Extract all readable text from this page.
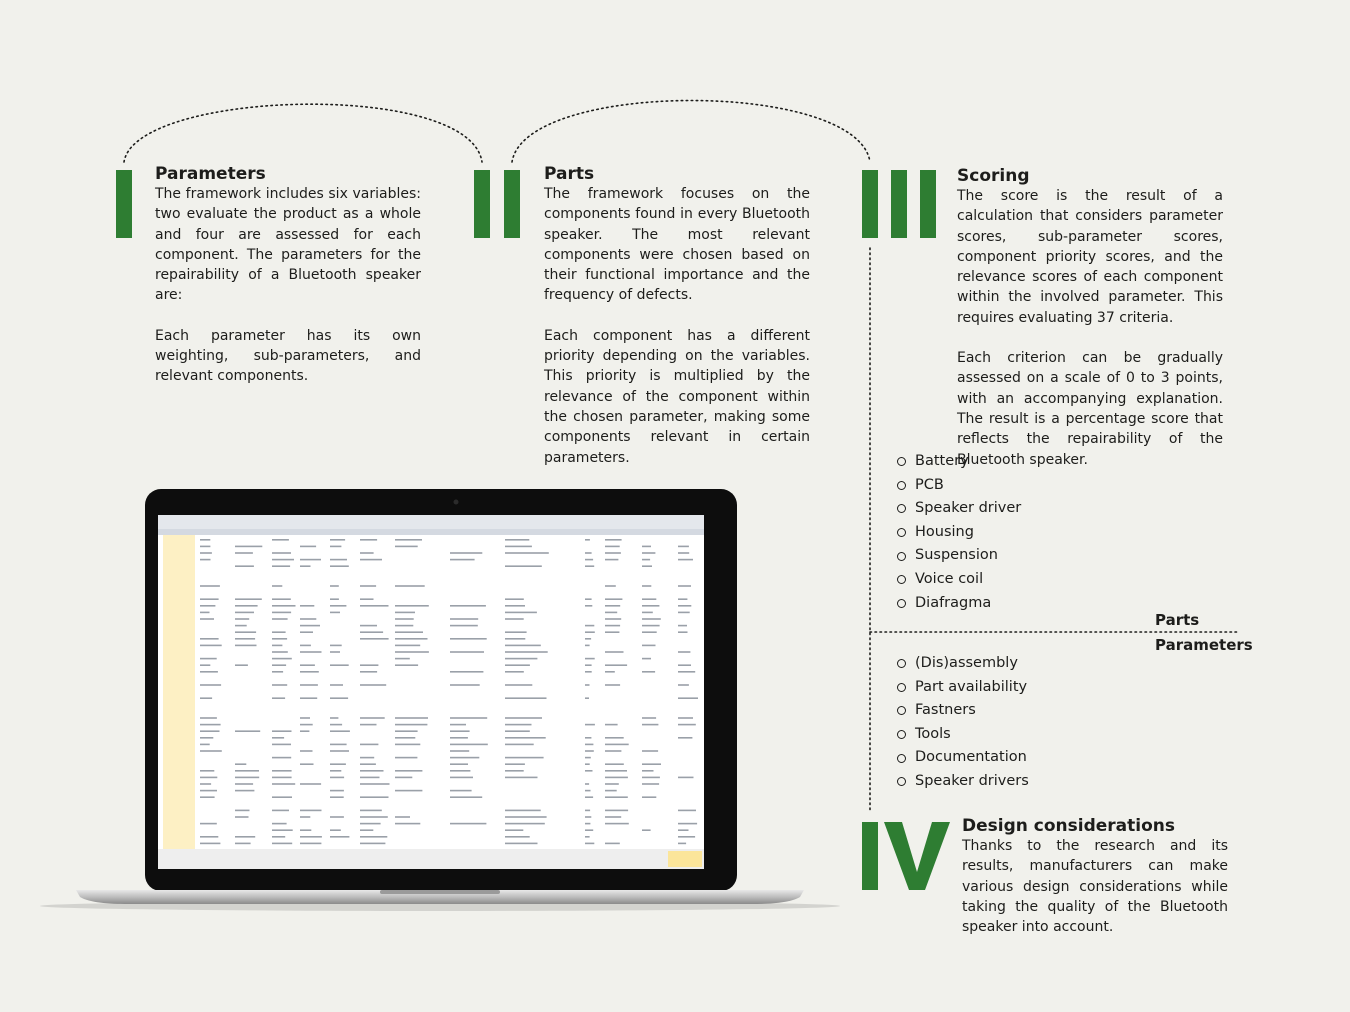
Parameters

The framework includes six variables: two evaluate the product as a whole and four are assessed for each component. The parameters for the repairability of a Bluetooth speaker are:

Each parameter has its own weighting, sub-parameters, and relevant components.

Parts

The framework focuses on the components found in every Bluetooth speaker. The most relevant components were chosen based on their functional importance and the frequency of defects.

Each component has a different priority depending on the variables. This priority is multiplied by the relevance of the component within the chosen parameter, making some components relevant in certain parameters.

Scoring

The score is the result of a calculation that considers parameter scores, sub-parameter scores, component priority scores, and the relevance scores of each component within the involved parameter. This requires evaluating 37 criteria.

Each criterion can be gradually assessed on a scale of 0 to 3 points, with an accompanying explanation. The result is a percentage score that reflects the repairability of the Bluetooth speaker.

Battery
PCB
Speaker driver
Housing
Suspension
Voice coil
Diafragma
Parts
Parameters
(Dis)assembly
Part availability
Fastners
Tools
Documentation
Speaker drivers
Design considerations

Thanks to the research and its results, manufacturers can make various design considerations while taking the quality of the Bluetooth speaker into account.
